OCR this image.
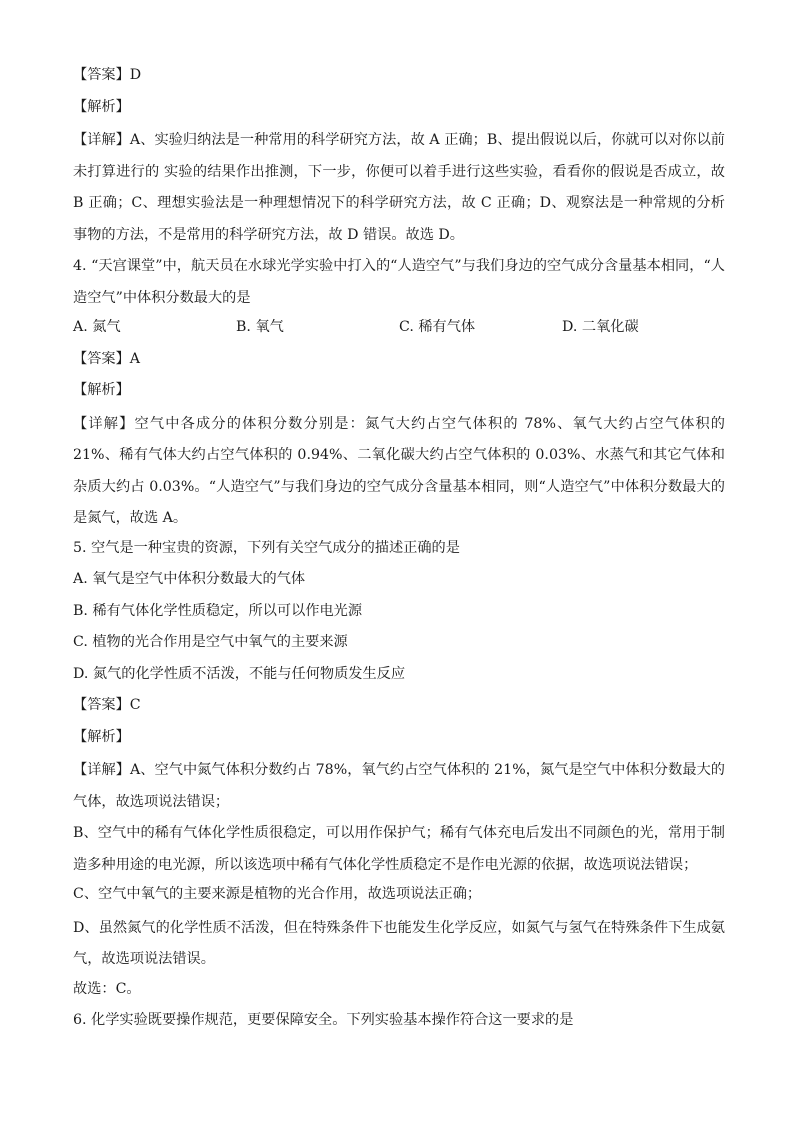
【答案】D

【解析】

【详解】A、实验归纳法是一种常用的科学研究方法，故 A 正确；B、提出假说以后，你就可以对你以前未打算进行的 实验的结果作出推测，下一步，你便可以着手进行这些实验，看看你的假说是否成立，故 B 正确；C、理想实验法是一种理想情况下的科学研究方法，故 C 正确；D、观察法是一种常规的分析事物的方法，不是常用的科学研究方法，故 D 错误。故选 D。

4. “天宫课堂”中，航天员在水球光学实验中打入的“人造空气”与我们身边的空气成分含量基本相同，“人造空气”中体积分数最大的是

A. 氮气	B. 氧气	C. 稀有气体	D. 二氧化碳

【答案】A

【解析】

【详解】空气中各成分的体积分数分别是：氮气大约占空气体积的 78%、氧气大约占空气体积的 21%、稀有气体大约占空气体积的 0.94%、二氧化碳大约占空气体积的 0.03%、水蒸气和其它气体和杂质大约占 0.03%。“人造空气”与我们身边的空气成分含量基本相同，则“人造空气”中体积分数最大的是氮气，故选 A。

5. 空气是一种宝贵的资源，下列有关空气成分的描述正确的是

A. 氧气是空气中体积分数最大的气体

B. 稀有气体化学性质稳定，所以可以作电光源

C. 植物的光合作用是空气中氧气的主要来源

D. 氮气的化学性质不活泼，不能与任何物质发生反应

【答案】C

【解析】

【详解】A、空气中氮气体积分数约占 78%，氧气约占空气体积的 21%，氮气是空气中体积分数最大的气体，故选项说法错误；

B、空气中的稀有气体化学性质很稳定，可以用作保护气；稀有气体充电后发出不同颜色的光，常用于制造多种用途的电光源，所以该选项中稀有气体化学性质稳定不是作电光源的依据，故选项说法错误；

C、空气中氧气的主要来源是植物的光合作用，故选项说法正确；

D、虽然氮气的化学性质不活泼，但在特殊条件下也能发生化学反应，如氮气与氢气在特殊条件下生成氨气，故选项说法错误。

故选：C。

6. 化学实验既要操作规范，更要保障安全。下列实验基本操作符合这一要求的是
